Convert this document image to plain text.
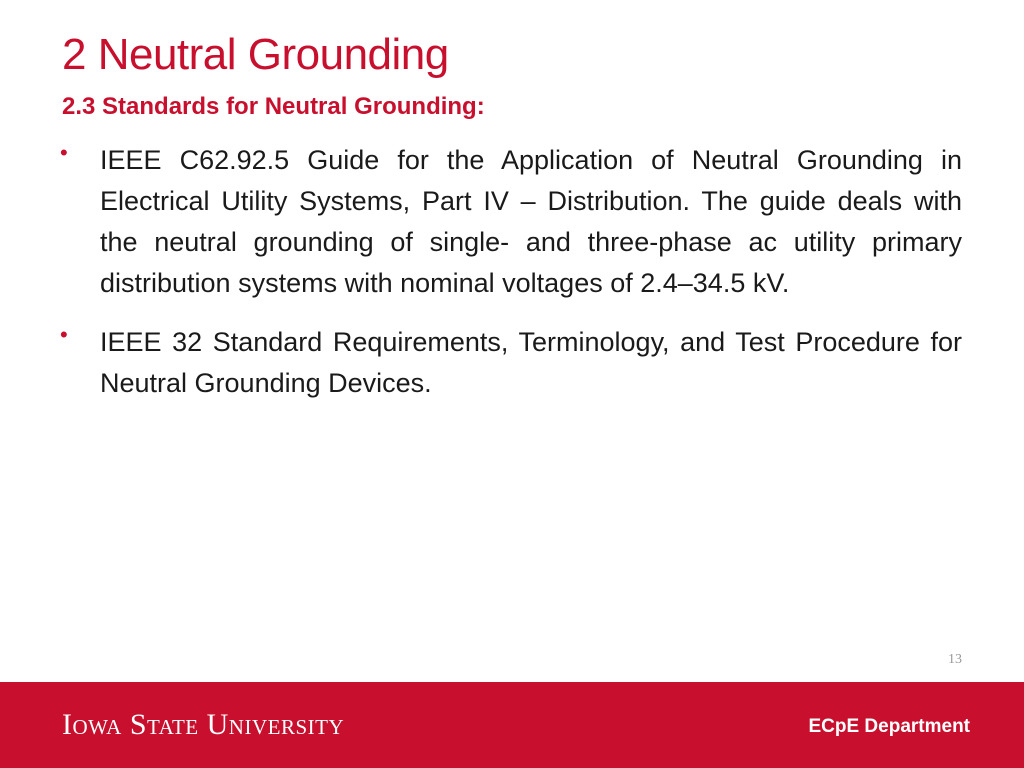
2 Neutral Grounding
2.3 Standards for Neutral Grounding:
• IEEE C62.92.5 Guide for the Application of Neutral Grounding in Electrical Utility Systems, Part IV – Distribution. The guide deals with the neutral grounding of single- and three-phase ac utility primary distribution systems with nominal voltages of 2.4–34.5 kV.
• IEEE 32 Standard Requirements, Terminology, and Test Procedure for Neutral Grounding Devices.
13
Iowa State University	ECpE Department
